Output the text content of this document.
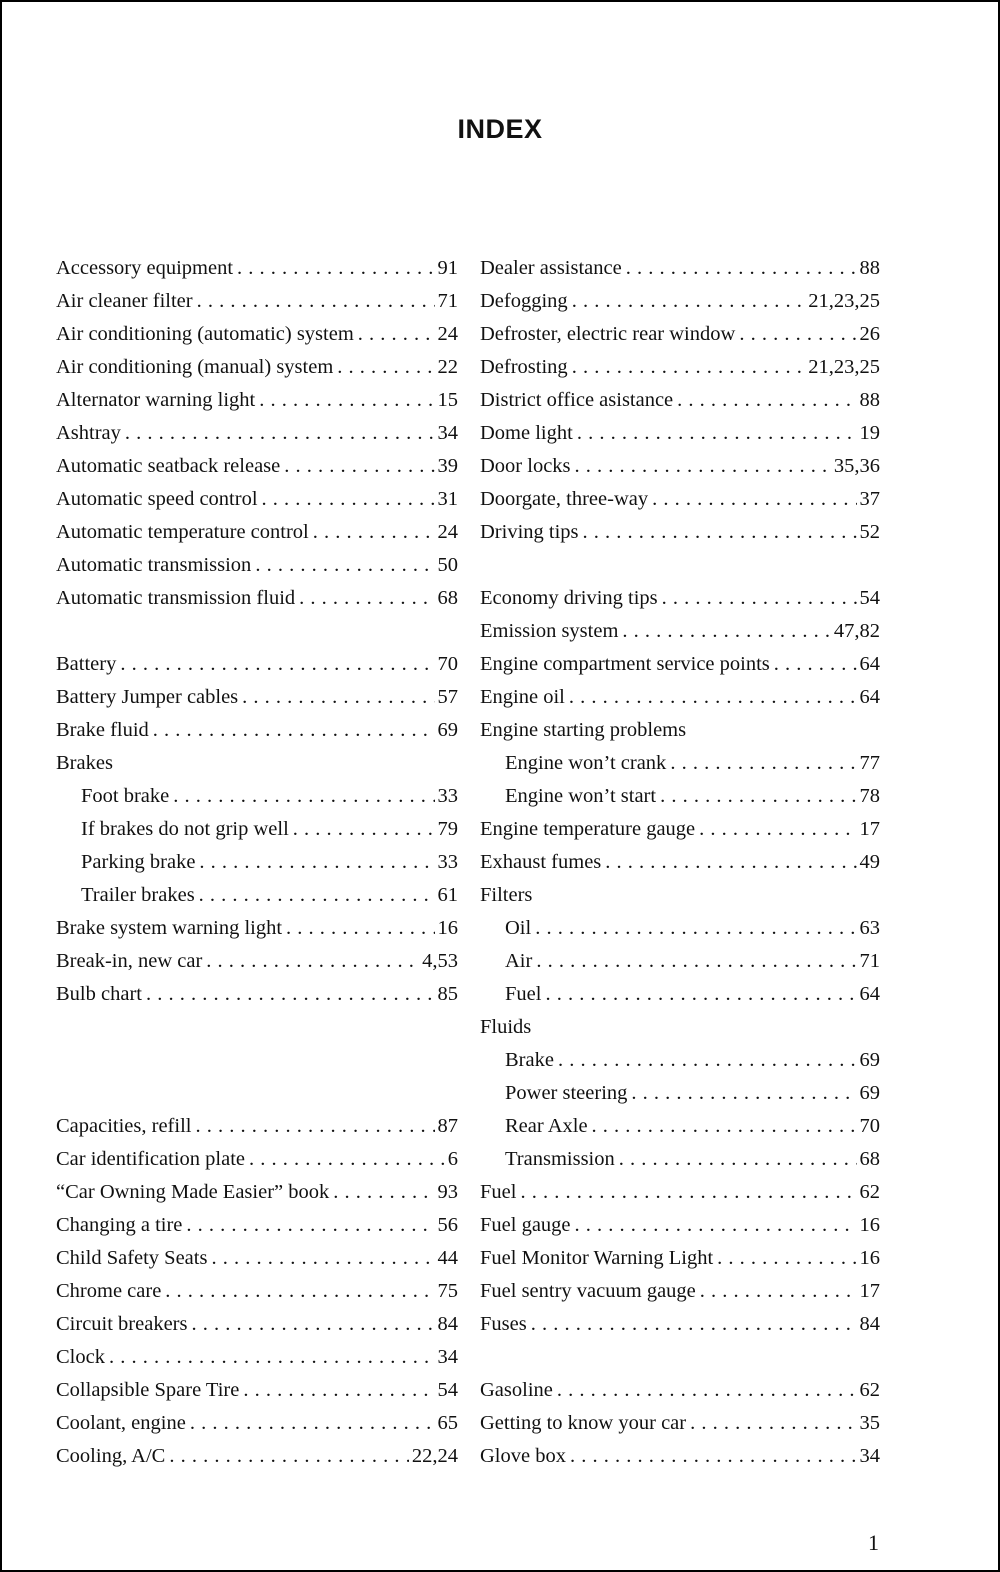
INDEX
Accessory equipment . . .	91
Air cleaner filter . . .	71
Air conditioning (automatic) system . . .	24
Air conditioning (manual) system . . .	22
Alternator warning light . . .	15
Ashtray . . .	34
Automatic seatback release . . .	39
Automatic speed control . . .	31
Automatic temperature control . . .	24
Automatic transmission . . .	50
Automatic transmission fluid . . .	68
Battery . . .	70
Battery Jumper cables . . .	57
Brake fluid . . .	69
Brakes
Foot brake . . .	33
If brakes do not grip well . . .	79
Parking brake . . .	33
Trailer brakes . . .	61
Brake system warning light . . .	16
Break-in, new car . . .	4,53
Bulb chart . . .	85
Capacities, refill . . .	87
Car identification plate . . .	6
“Car Owning Made Easier” book . . .	93
Changing a tire . . .	56
Child Safety Seats . . .	44
Chrome care . . .	75
Circuit breakers . . .	84
Clock . . .	34
Collapsible Spare Tire . . .	54
Coolant, engine . . .	65
Cooling, A/C . . .	22,24
Dealer assistance . . .	88
Defogging . . .	21,23,25
Defroster, electric rear window . . .	26
Defrosting . . .	21,23,25
District office asistance . . .	88
Dome light . . .	19
Door locks . . .	35,36
Doorgate, three-way . . .	37
Driving tips . . .	52
Economy driving tips . . .	54
Emission system . . .	47,82
Engine compartment service points . . .	64
Engine oil . . .	64
Engine starting problems
Engine won’t crank . . .	77
Engine won’t start . . .	78
Engine temperature gauge . . .	17
Exhaust fumes . . .	49
Filters
Oil . . .	63
Air . . .	71
Fuel . . .	64
Fluids
Brake . . .	69
Power steering . . .	69
Rear Axle . . .	70
Transmission . . .	68
Fuel . . .	62
Fuel gauge . . .	16
Fuel Monitor Warning Light . . .	16
Fuel sentry vacuum gauge . . .	17
Fuses . . .	84
Gasoline . . .	62
Getting to know your car . . .	35
Glove box . . .	34
1
